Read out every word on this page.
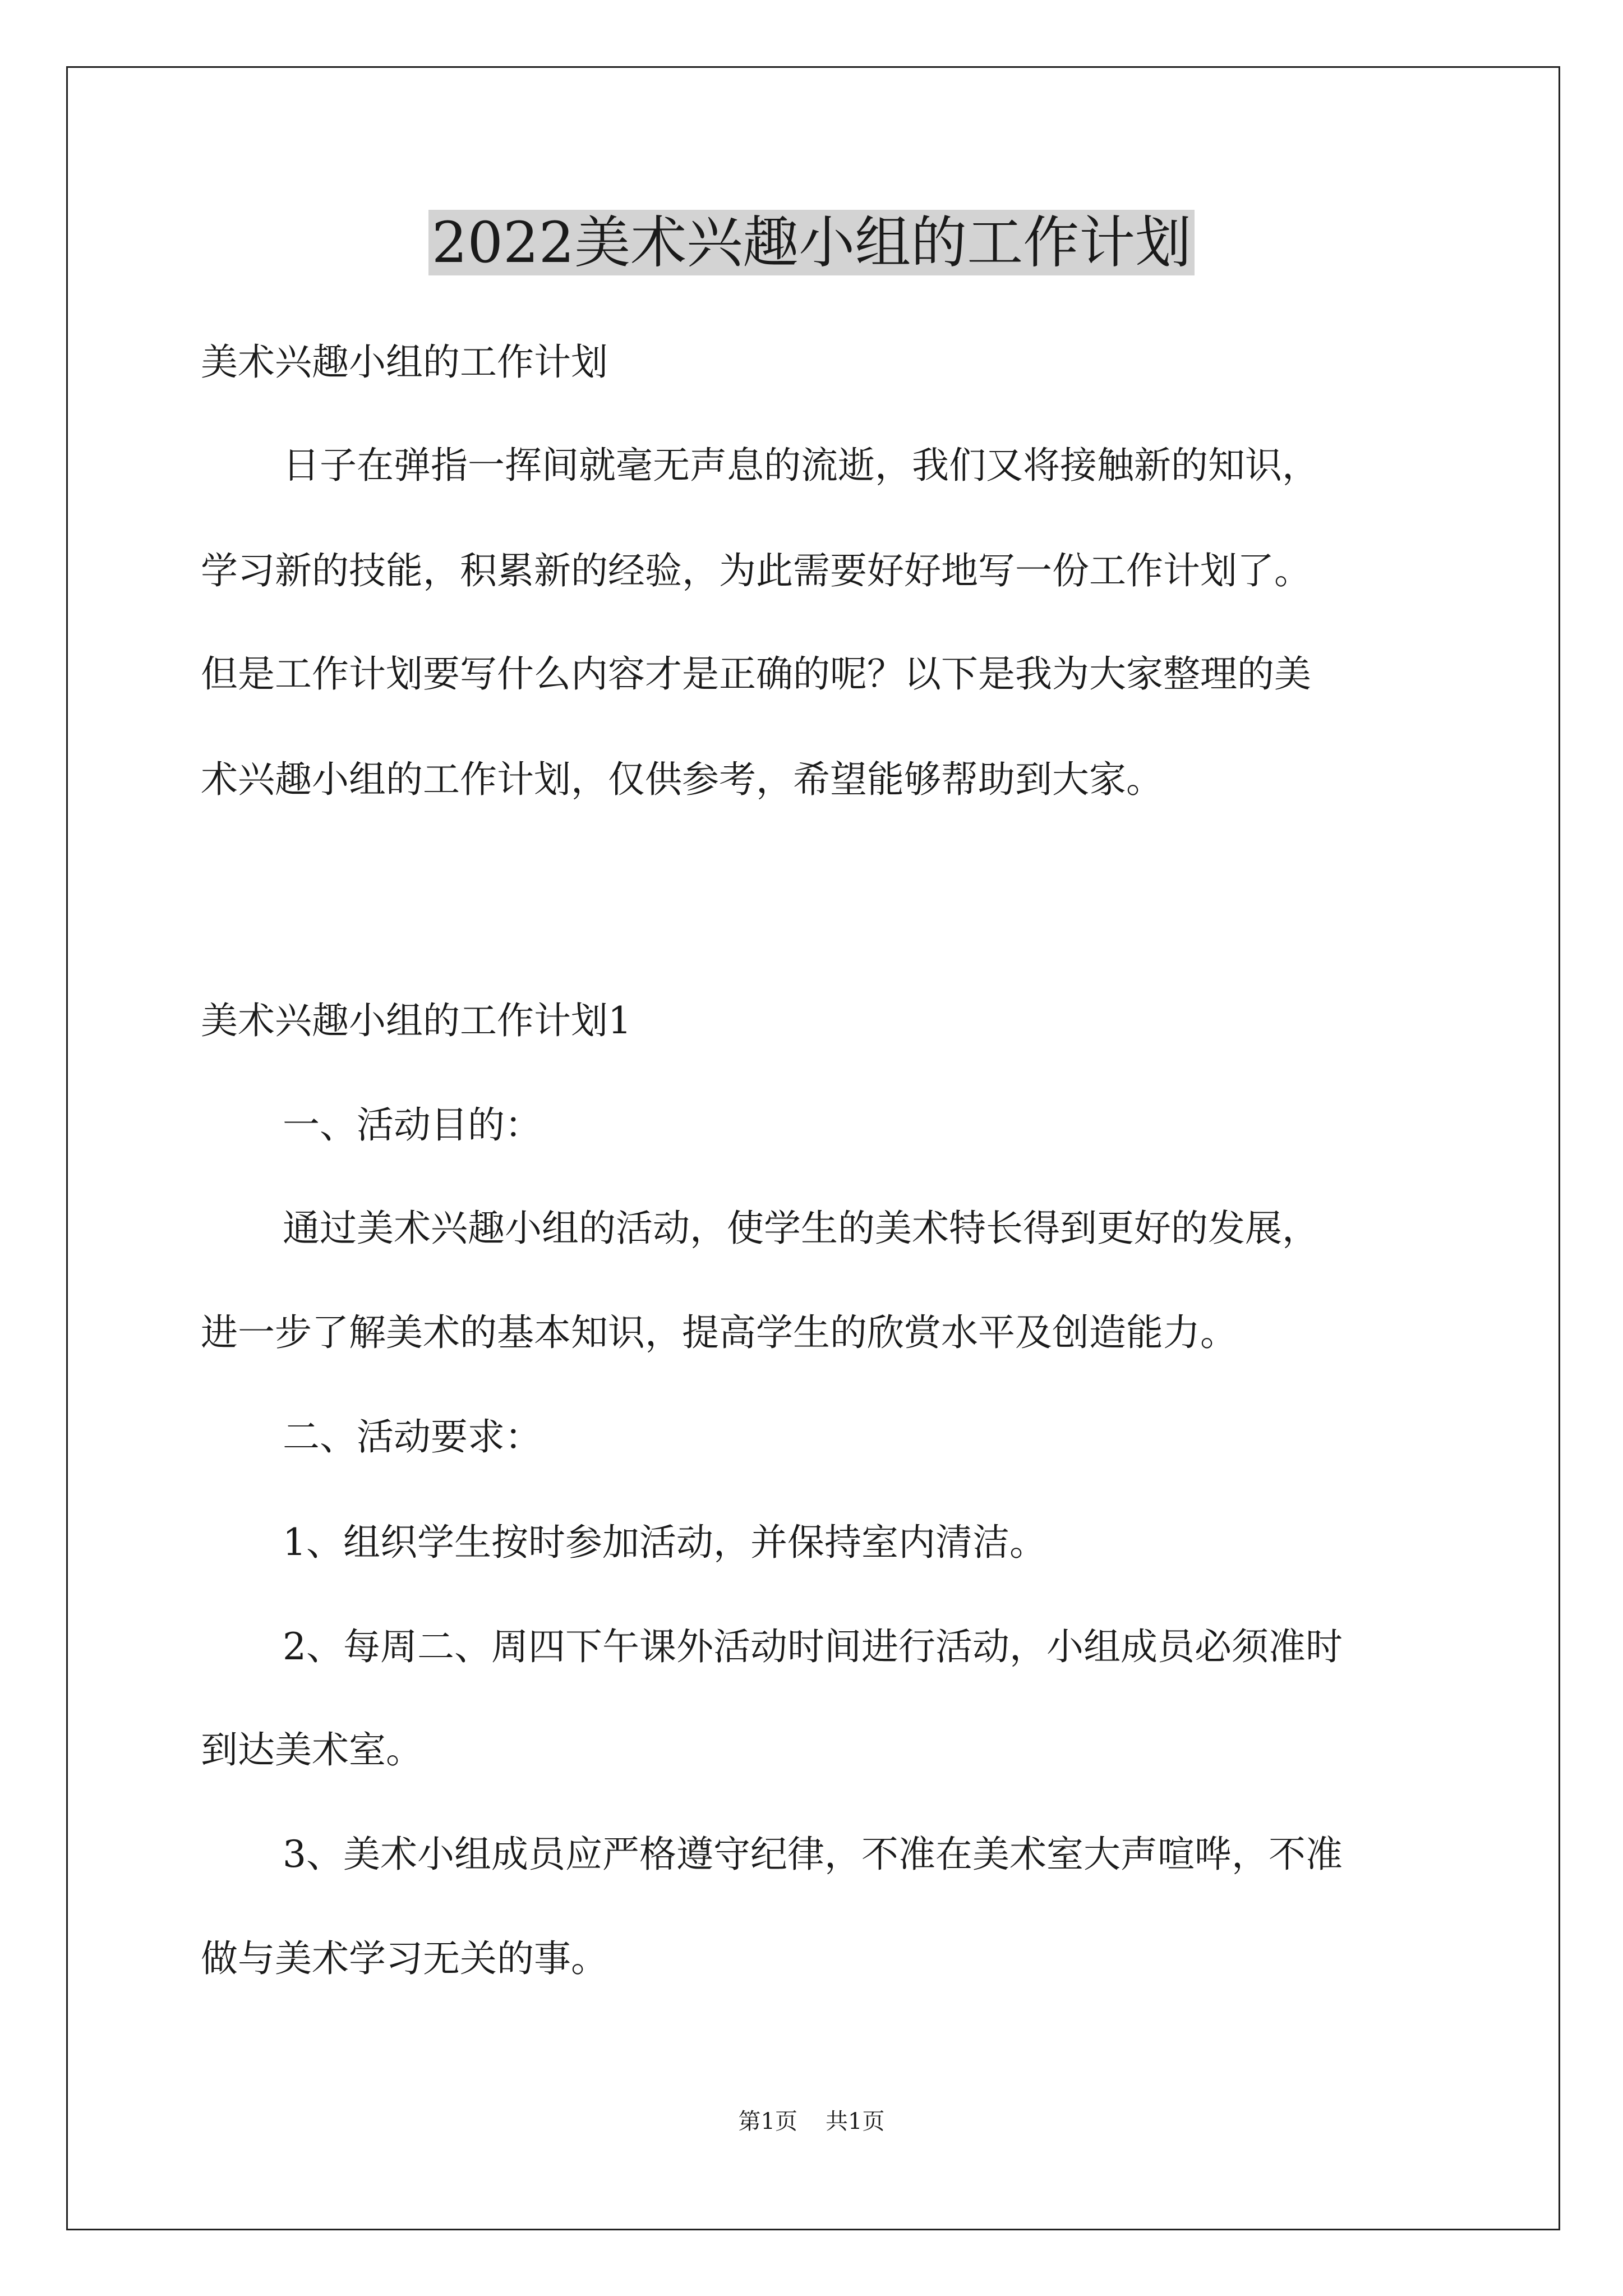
2022美术兴趣小组的工作计划
美术兴趣小组的工作计划
日子在弹指一挥间就毫无声息的流逝，我们又将接触新的知识，
学习新的技能，积累新的经验，为此需要好好地写一份工作计划了。
但是工作计划要写什么内容才是正确的呢？以下是我为大家整理的美
术兴趣小组的工作计划，仅供参考，希望能够帮助到大家。
美术兴趣小组的工作计划1
一、活动目的：
通过美术兴趣小组的活动，使学生的美术特长得到更好的发展，
进一步了解美术的基本知识，提高学生的欣赏水平及创造能力。
二、活动要求：
1、组织学生按时参加活动，并保持室内清洁。
2、每周二、周四下午课外活动时间进行活动，小组成员必须准时
到达美术室。
3、美术小组成员应严格遵守纪律，不准在美术室大声喧哗，不准
做与美术学习无关的事。
第1页 共1页
